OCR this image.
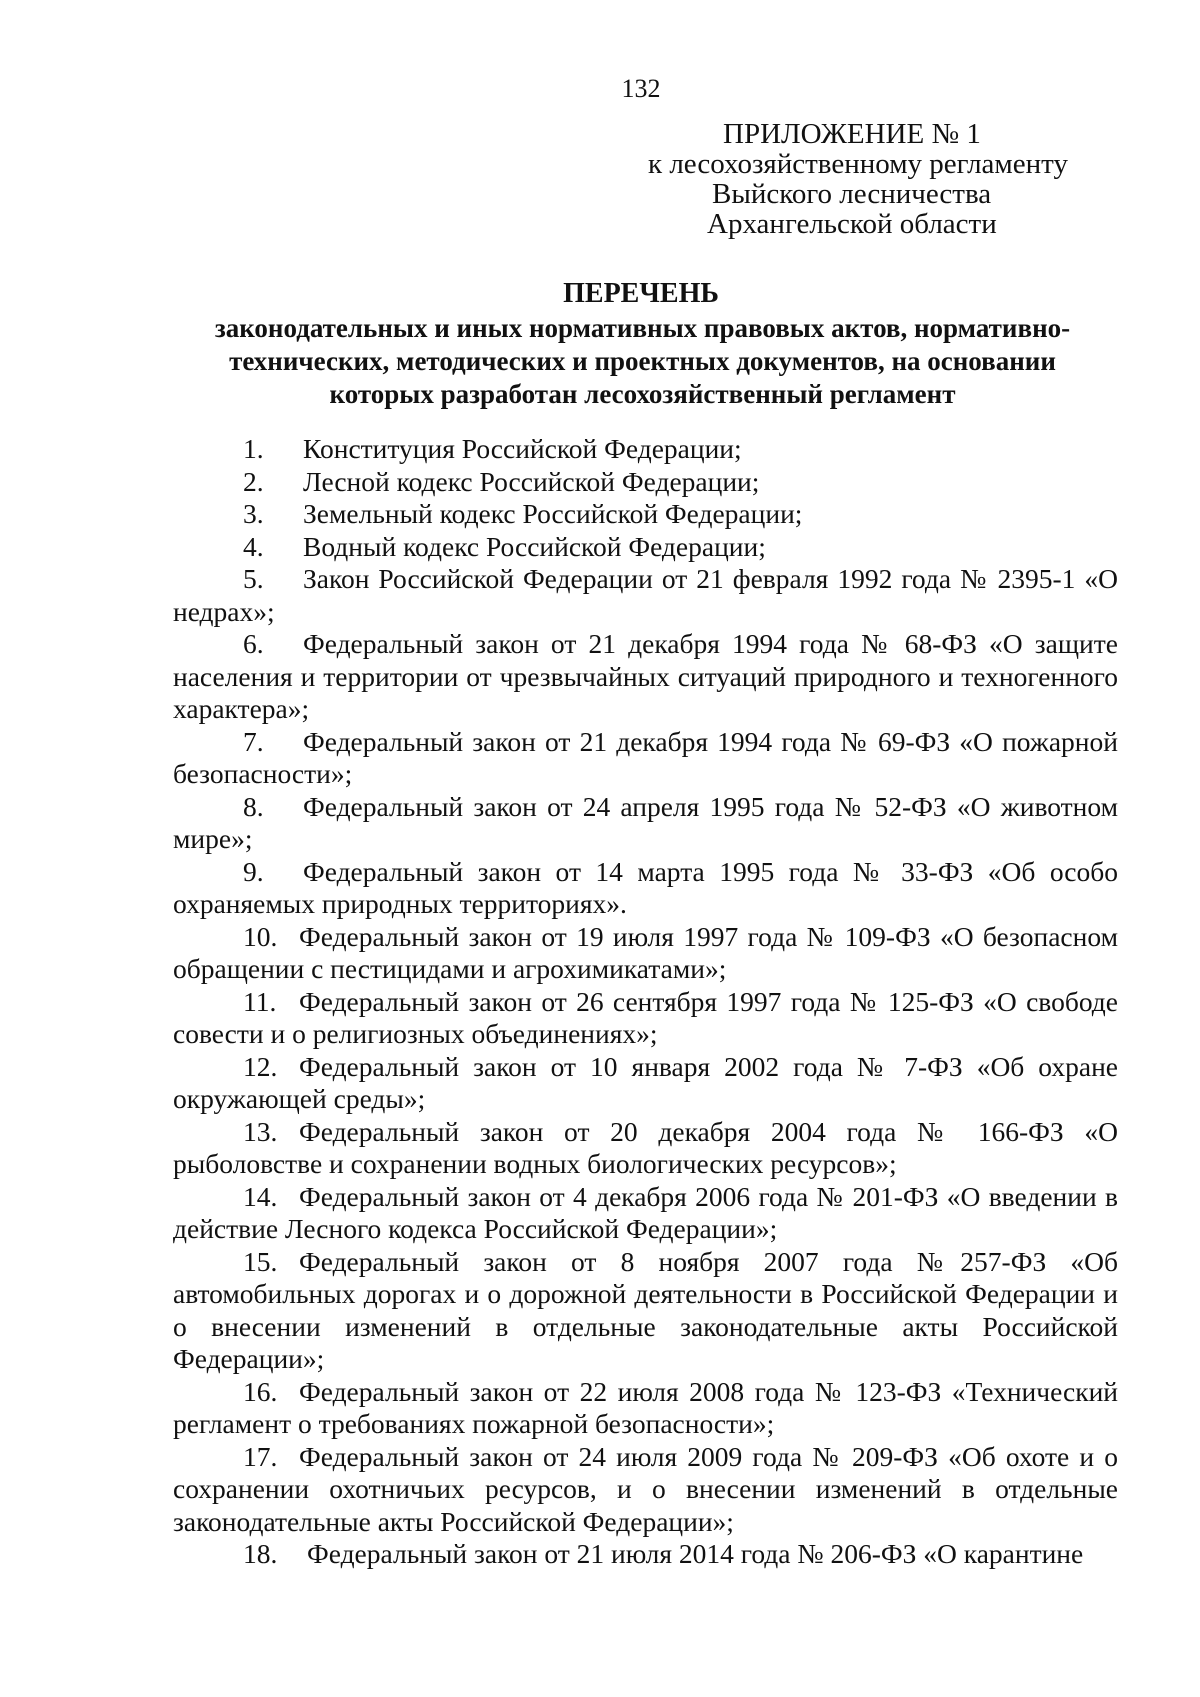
132
ПРИЛОЖЕНИЕ № 1
к лесохозяйственному регламенту
Выйского лесничества
Архангельской области
ПЕРЕЧЕНЬ
законодательных и иных нормативных правовых актов, нормативно-
технических, методических и проектных документов, на основании
которых разработан лесохозяйственный регламент
1. Конституция Российской Федерации;
2. Лесной кодекс Российской Федерации;
3. Земельный кодекс Российской Федерации;
4. Водный кодекс Российской Федерации;
5. Закон Российской Федерации от 21 февраля 1992 года № 2395-1 «О недрах»;
6. Федеральный закон от 21 декабря 1994 года № 68-ФЗ «О защите населения и территории от чрезвычайных ситуаций природного и техногенного характера»;
7. Федеральный закон от 21 декабря 1994 года № 69-ФЗ «О пожарной безопасности»;
8. Федеральный закон от 24 апреля 1995 года № 52-ФЗ «О животном мире»;
9. Федеральный закон от 14 марта 1995 года № 33-ФЗ «Об особо охраняемых природных территориях».
10. Федеральный закон от 19 июля 1997 года № 109-ФЗ «О безопасном обращении с пестицидами и агрохимикатами»;
11. Федеральный закон от 26 сентября 1997 года № 125-ФЗ «О свободе совести и о религиозных объединениях»;
12. Федеральный закон от 10 января 2002 года № 7-ФЗ «Об охране окружающей среды»;
13. Федеральный закон от 20 декабря 2004 года № 166-ФЗ «О рыболовстве и сохранении водных биологических ресурсов»;
14. Федеральный закон от 4 декабря 2006 года № 201-ФЗ «О введении в действие Лесного кодекса Российской Федерации»;
15. Федеральный закон от 8 ноября 2007 года №257-ФЗ «Об автомобильных дорогах и о дорожной деятельности в Российской Федерации и о внесении изменений в отдельные законодательные акты Российской Федерации»;
16. Федеральный закон от 22 июля 2008 года № 123-ФЗ «Технический регламент о требованиях пожарной безопасности»;
17. Федеральный закон от 24 июля 2009 года № 209-ФЗ «Об охоте и о сохранении охотничьих ресурсов, и о внесении изменений в отдельные законодательные акты Российской Федерации»;
18. Федеральный закон от 21 июля 2014 года № 206-ФЗ «О карантине
